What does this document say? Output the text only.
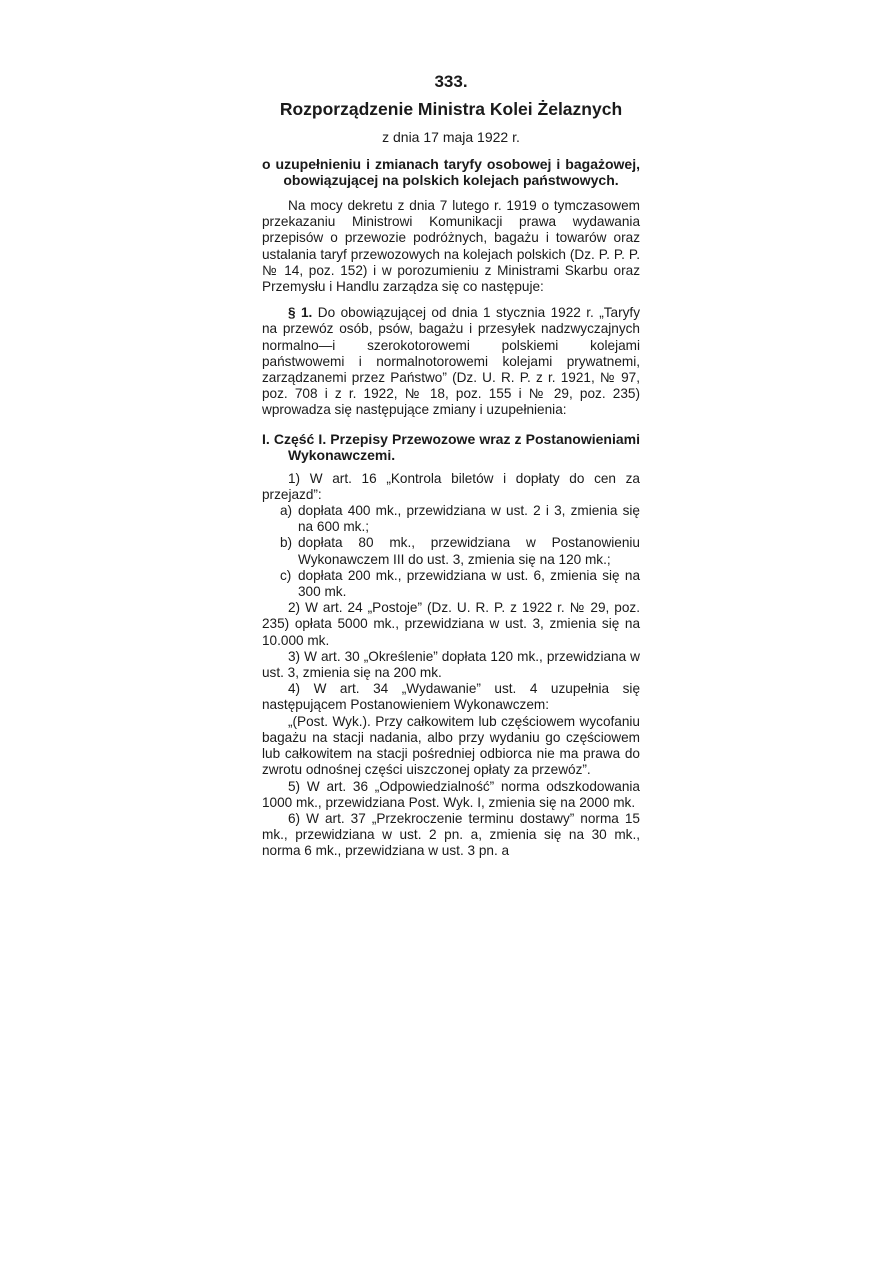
333.
Rozporządzenie Ministra Kolei Żelaznych
z dnia 17 maja 1922 r.
o uzupełnieniu i zmianach taryfy osobowej i bagażowej, obowiązującej na polskich kolejach państwowych.

Na mocy dekretu z dnia 7 lutego r. 1919 o tymczasowem przekazaniu Ministrowi Komunikacji prawa wydawania przepisów o przewozie podróżnych, bagażu i towarów oraz ustalania taryf przewozowych na kolejach polskich (Dz. P. P. P. № 14, poz. 152) i w porozumieniu z Ministrami Skarbu oraz Przemysłu i Handlu zarządza się co następuje:

§ 1. Do obowiązującej od dnia 1 stycznia 1922 r. „Taryfy na przewóz osób, psów, bagażu i przesyłek nadzwyczajnych normalno—i szerokotorowemi polskiemi kolejami państwowemi i normalnotorowemi kolejami prywatnemi, zarządzanemi przez Państwo” (Dz. U. R. P. z r. 1921, № 97, poz. 708 i z r. 1922, № 18, poz. 155 i № 29, poz. 235) wprowadza się następujące zmiany i uzupełnienia:

I. Część I. Przepisy Przewozowe wraz z Postanowieniami Wykonawczemi.

1) W art. 16 „Kontrola biletów i dopłaty do cen za przejazd”:

a) dopłata 400 mk., przewidziana w ust. 2 i 3, zmienia się na 600 mk.;
b) dopłata 80 mk., przewidziana w Postanowieniu Wykonawczem III do ust. 3, zmienia się na 120 mk.;
c) dopłata 200 mk., przewidziana w ust. 6, zmienia się na 300 mk.

2) W art. 24 „Postoje” (Dz. U. R. P. z 1922 r. № 29, poz. 235) opłata 5000 mk., przewidziana w ust. 3, zmienia się na 10.000 mk.

3) W art. 30 „Określenie” dopłata 120 mk., przewidziana w ust. 3, zmienia się na 200 mk.

4) W art. 34 „Wydawanie” ust. 4 uzupełnia się następującem Postanowieniem Wykonawczem:

„(Post. Wyk.). Przy całkowitem lub częściowem wycofaniu bagażu na stacji nadania, albo przy wydaniu go częściowem lub całkowitem na stacji pośredniej odbiorca nie ma prawa do zwrotu odnośnej części uiszczonej opłaty za przewóz”.

5) W art. 36 „Odpowiedzialność” norma odszkodowania 1000 mk., przewidziana Post. Wyk. I, zmienia się na 2000 mk.

6) W art. 37 „Przekroczenie terminu dostawy” norma 15 mk., przewidziana w ust. 2 pn. a, zmienia się na 30 mk., norma 6 mk., przewidziana w ust. 3 pn. a
